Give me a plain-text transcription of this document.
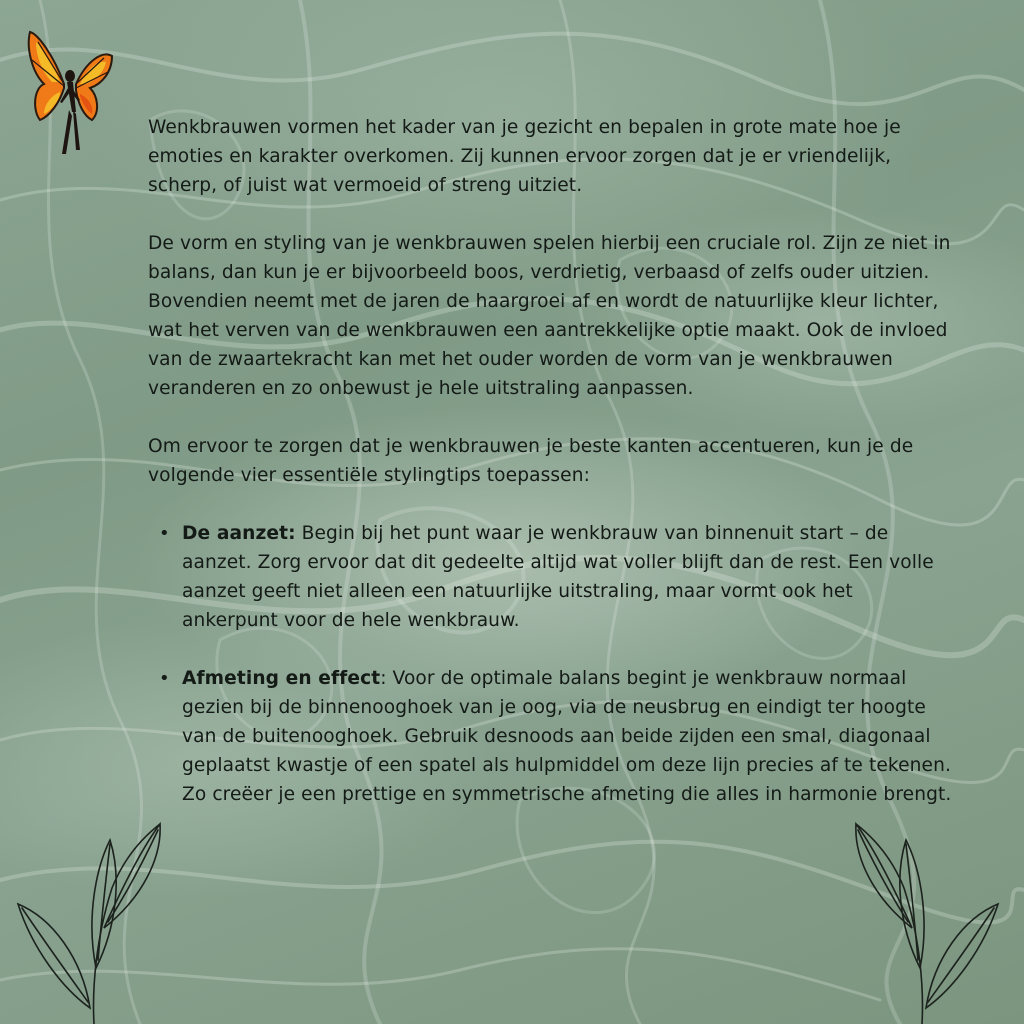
Wenkbrauwen vormen het kader van je gezicht en bepalen in grote mate hoe je emoties en karakter overkomen. Zij kunnen ervoor zorgen dat je er vriendelijk, scherp, of juist wat vermoeid of streng uitziet.

De vorm en styling van je wenkbrauwen spelen hierbij een cruciale rol. Zijn ze niet in balans, dan kun je er bijvoorbeeld boos, verdrietig, verbaasd of zelfs ouder uitzien. Bovendien neemt met de jaren de haargroei af en wordt de natuurlijke kleur lichter, wat het verven van de wenkbrauwen een aantrekkelijke optie maakt. Ook de invloed van de zwaartekracht kan met het ouder worden de vorm van je wenkbrauwen veranderen en zo onbewust je hele uitstraling aanpassen.

Om ervoor te zorgen dat je wenkbrauwen je beste kanten accentueren, kun je de volgende vier essentiële stylingtips toepassen:

• De aanzet: Begin bij het punt waar je wenkbrauw van binnenuit start – de aanzet. Zorg ervoor dat dit gedeelte altijd wat voller blijft dan de rest. Een volle aanzet geeft niet alleen een natuurlijke uitstraling, maar vormt ook het ankerpunt voor de hele wenkbrauw.
• Afmeting en effect: Voor de optimale balans begint je wenkbrauw normaal gezien bij de binnenooghoek van je oog, via de neusbrug en eindigt ter hoogte van de buitenooghoek. Gebruik desnoods aan beide zijden een smal, diagonaal geplaatst kwastje of een spatel als hulpmiddel om deze lijn precies af te tekenen. Zo creëer je een prettige en symmetrische afmeting die alles in harmonie brengt.
